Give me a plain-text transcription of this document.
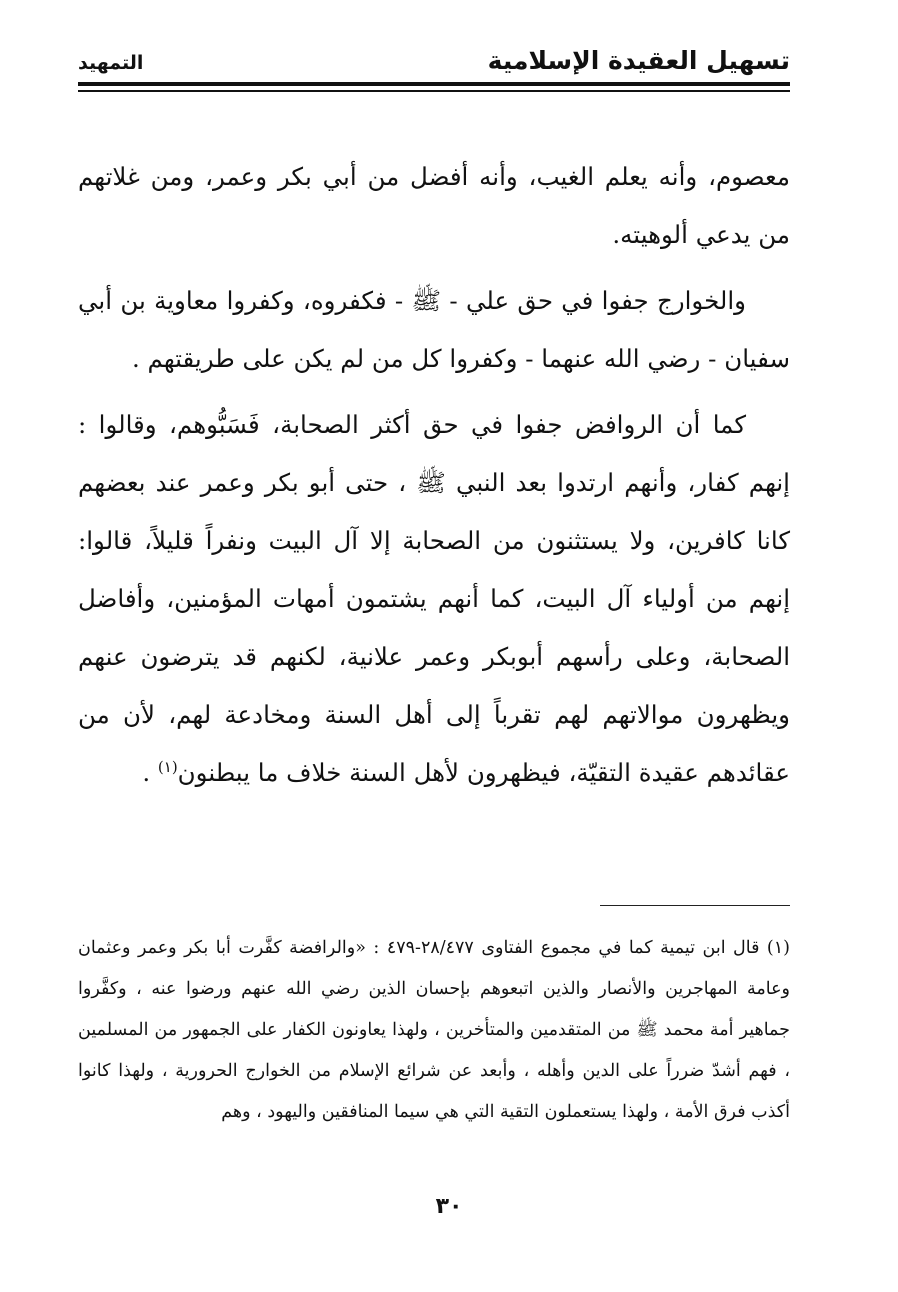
تسهيل العقيدة الإسلامية
التمهيد

معصوم، وأنه يعلم الغيب، وأنه أفضل من أبي بكر وعمر، ومن غلاتهم من يدعي ألوهيته.

والخوارج جفوا في حق علي - ﷺ - فكفروه، وكفروا معاوية بن أبي سفيان - رضي الله عنهما - وكفروا كل من لم يكن على طريقتهم .

كما أن الروافض جفوا في حق أكثر الصحابة، فَسَبُّوهم، وقالوا : إنهم كفار، وأنهم ارتدوا بعد النبي ﷺ ، حتى أبو بكر وعمر عند بعضهم كانا كافرين، ولا يستثنون من الصحابة إلا آل البيت ونفراً قليلاً، قالوا: إنهم من أولياء آل البيت، كما أنهم يشتمون أمهات المؤمنين، وأفاضل الصحابة، وعلى رأسهم أبوبكر وعمر علانية، لكنهم قد يترضون عنهم ويظهرون موالاتهم لهم تقرباً إلى أهل السنة ومخادعة لهم، لأن من عقائدهم عقيدة التقيّة، فيظهرون لأهل السنة خلاف ما يبطنون$^{(١)}$ .

(١) قال ابن تيمية كما في مجموع الفتاوى ٢٨/٤٧٧-٤٧٩ : «والرافضة كفَّرت أبا بكر وعمر وعثمان وعامة المهاجرين والأنصار والذين اتبعوهم بإحسان الذين رضي الله عنهم ورضوا عنه ، وكفَّروا جماهير أمة محمد ﷺ من المتقدمين والمتأخرين ، ولهذا يعاونون الكفار على الجمهور من المسلمين ، فهم أشدّ ضرراً على الدين وأهله ، وأبعد عن شرائع الإسلام من الخوارج الحرورية ، ولهذا كانوا أكذب فرق الأمة ، ولهذا يستعملون التقية التي هي سيما المنافقين واليهود ، وهم

٣٠
